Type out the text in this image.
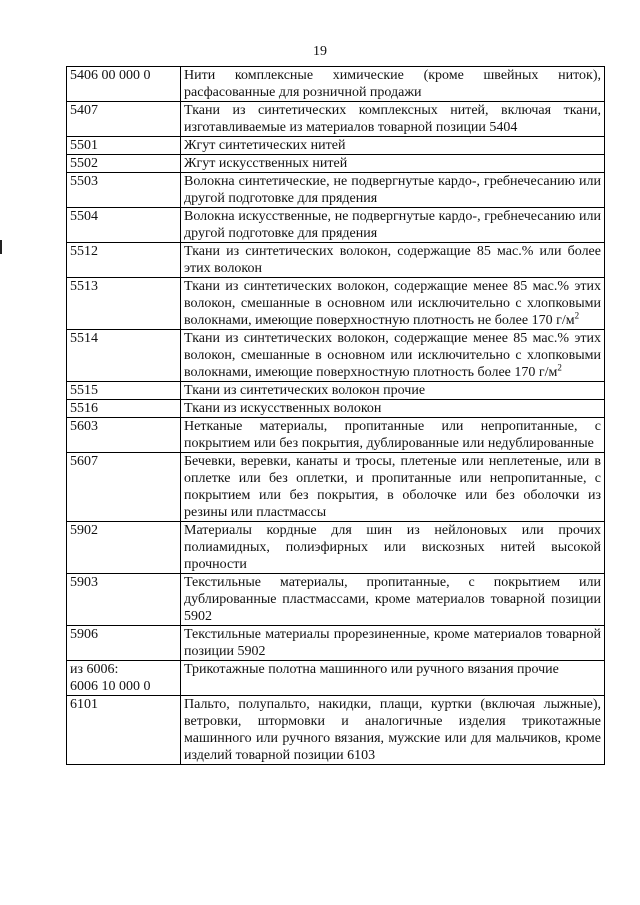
19
5406 00 000 0	Нити комплексные химические (кроме швейных ниток), расфасованные для розничной продажи
5407	Ткани из синтетических комплексных нитей, включая ткани, изготавливаемые из материалов товарной позиции 5404
5501	Жгут синтетических нитей
5502	Жгут искусственных нитей
5503	Волокна синтетические, не подвергнутые кардо-, гребнечесанию или другой подготовке для прядения
5504	Волокна искусственные, не подвергнутые кардо-, гребнечесанию или другой подготовке для прядения
5512	Ткани из синтетических волокон, содержащие 85 мас.% или более этих волокон
5513	Ткани из синтетических волокон, содержащие менее 85 мас.% этих волокон, смешанные в основном или исключительно с хлопковыми волокнами, имеющие поверхностную плотность не более 170 $г/м^2$
5514	Ткани из синтетических волокон, содержащие менее 85 мас.% этих волокон, смешанные в основном или исключительно с хлопковыми волокнами, имеющие поверхностную плотность более 170 $г/м^2$
5515	Ткани из синтетических волокон прочие
5516	Ткани из искусственных волокон
5603	Нетканые материалы, пропитанные или непропитанные, с покрытием или без покрытия, дублированные или недублированные
5607	Бечевки, веревки, канаты и тросы, плетеные или неплетеные, или в оплетке или без оплетки, и пропитанные или непропитанные, с покрытием или без покрытия, в оболочке или без оболочки из резины или пластмассы
5902	Материалы кордные для шин из нейлоновых или прочих полиамидных, полиэфирных или вискозных нитей высокой прочности
5903	Текстильные материалы, пропитанные, с покрытием или дублированные пластмассами, кроме материалов товарной позиции 5902
5906	Текстильные материалы прорезиненные, кроме материалов товарной позиции 5902
из 6006:
6006 10 000 0	Трикотажные полотна машинного или ручного вязания прочие
6101	Пальто, полупальто, накидки, плащи, куртки (включая лыжные), ветровки, штормовки и аналогичные изделия трикотажные машинного или ручного вязания, мужские или для мальчиков, кроме изделий товарной позиции 6103
